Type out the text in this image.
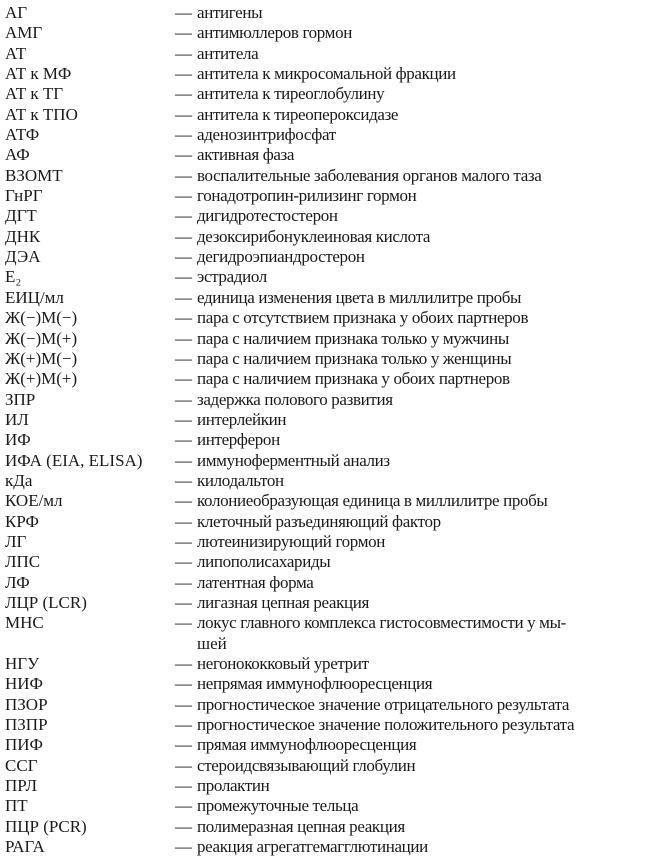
АГ	— антигены
АМГ	— антимюллеров гормон
АТ	— антитела
АТ к МФ	— антитела к микросомальной фракции
АТ к ТГ	— антитела к тиреоглобулину
АТ к ТПО	— антитела к тиреопероксидазе
АТФ	— аденозинтрифосфат
АФ	— активная фаза
ВЗОМТ	— воспалительные заболевания органов малого таза
ГнРГ	— гонадотропин-рилизинг гормон
ДГТ	— дигидротестостерон
ДНК	— дезоксирибонуклеиновая кислота
ДЭА	— дегидроэпиандростерон
E₂	— эстрадиол
ЕИЦ/мл	— единица изменения цвета в миллилитре пробы
Ж(−)М(−)	— пара с отсутствием признака у обоих партнеров
Ж(−)М(+)	— пара с наличием признака только у мужчины
Ж(+)М(−)	— пара с наличием признака только у женщины
Ж(+)М(+)	— пара с наличием признака у обоих партнеров
ЗПР	— задержка полового развития
ИЛ	— интерлейкин
ИФ	— интерферон
ИФА (EIA, ELISA)	— иммуноферментный анализ
кДа	— килодальтон
КОЕ/мл	— колониеобразующая единица в миллилитре пробы
КРФ	— клеточный разъединяющий фактор
ЛГ	— лютеинизирующий гормон
ЛПС	— липополисахариды
ЛФ	— латентная форма
ЛЦР (LCR)	— лигазная цепная реакция
МНС	— локус главного комплекса гистосовместимости у мы-
шей
НГУ	— негонококковый уретрит
НИФ	— непрямая иммунофлюоресценция
ПЗОР	— прогностическое значение отрицательного результата
ПЗПР	— прогностическое значение положительного результата
ПИФ	— прямая иммунофлюоресценция
ССГ	— стероидсвязывающий глобулин
ПРЛ	— пролактин
ПТ	— промежуточные тельца
ПЦР (PCR)	— полимеразная цепная реакция
РАГА	— реакция агрегатгемагглютинации
